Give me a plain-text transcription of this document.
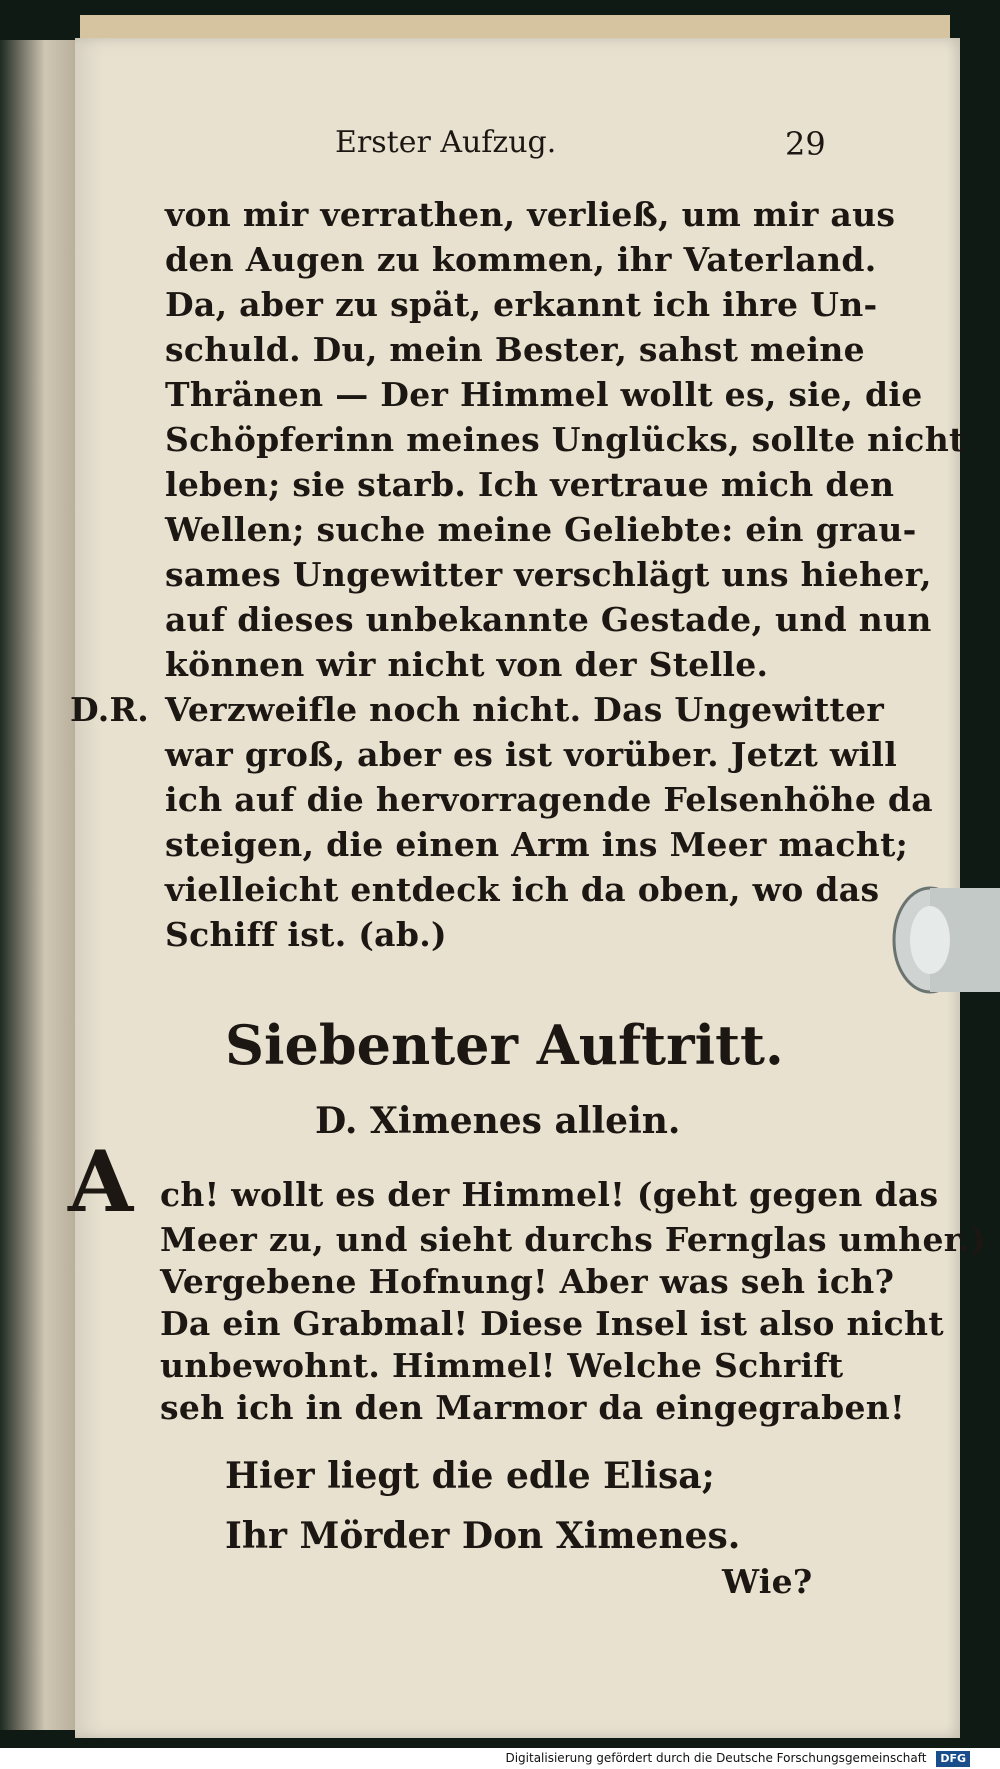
Erster Aufzug.	29
von mir verrathen, verließ, um mir aus
den Augen zu kommen, ihr Vaterland.
Da, aber zu spät, erkannt ich ihre Un-
schuld. Du, mein Bester, sahst meine
Thränen — Der Himmel wollt es, sie, die
Schöpferinn meines Unglücks, sollte nicht
leben; sie starb. Ich vertraue mich den
Wellen; suche meine Geliebte: ein grau-
sames Ungewitter verschlägt uns hieher,
auf dieses unbekannte Gestade, und nun
können wir nicht von der Stelle.
D.R. Verzweifle noch nicht. Das Ungewitter
war groß, aber es ist vorüber. Jetzt will
ich auf die hervorragende Felsenhöhe da
steigen, die einen Arm ins Meer macht;
vielleicht entdeck ich da oben, wo das
Schiff ist. (ab.)
Siebenter Auftritt.
D. Ximenes allein.
A ch! wollt es der Himmel! (geht gegen das
Meer zu, und sieht durchs Fernglas umher.)
Vergebene Hofnung! Aber was seh ich?
Da ein Grabmal! Diese Insel ist also nicht
unbewohnt. Himmel! Welche Schrift
seh ich in den Marmor da eingegraben!
Hier liegt die edle Elisa;
Ihr Mörder Don Ximenes.
Wie?
Digitalisierung gefördert durch die Deutsche Forschungsgemeinschaft DFG
